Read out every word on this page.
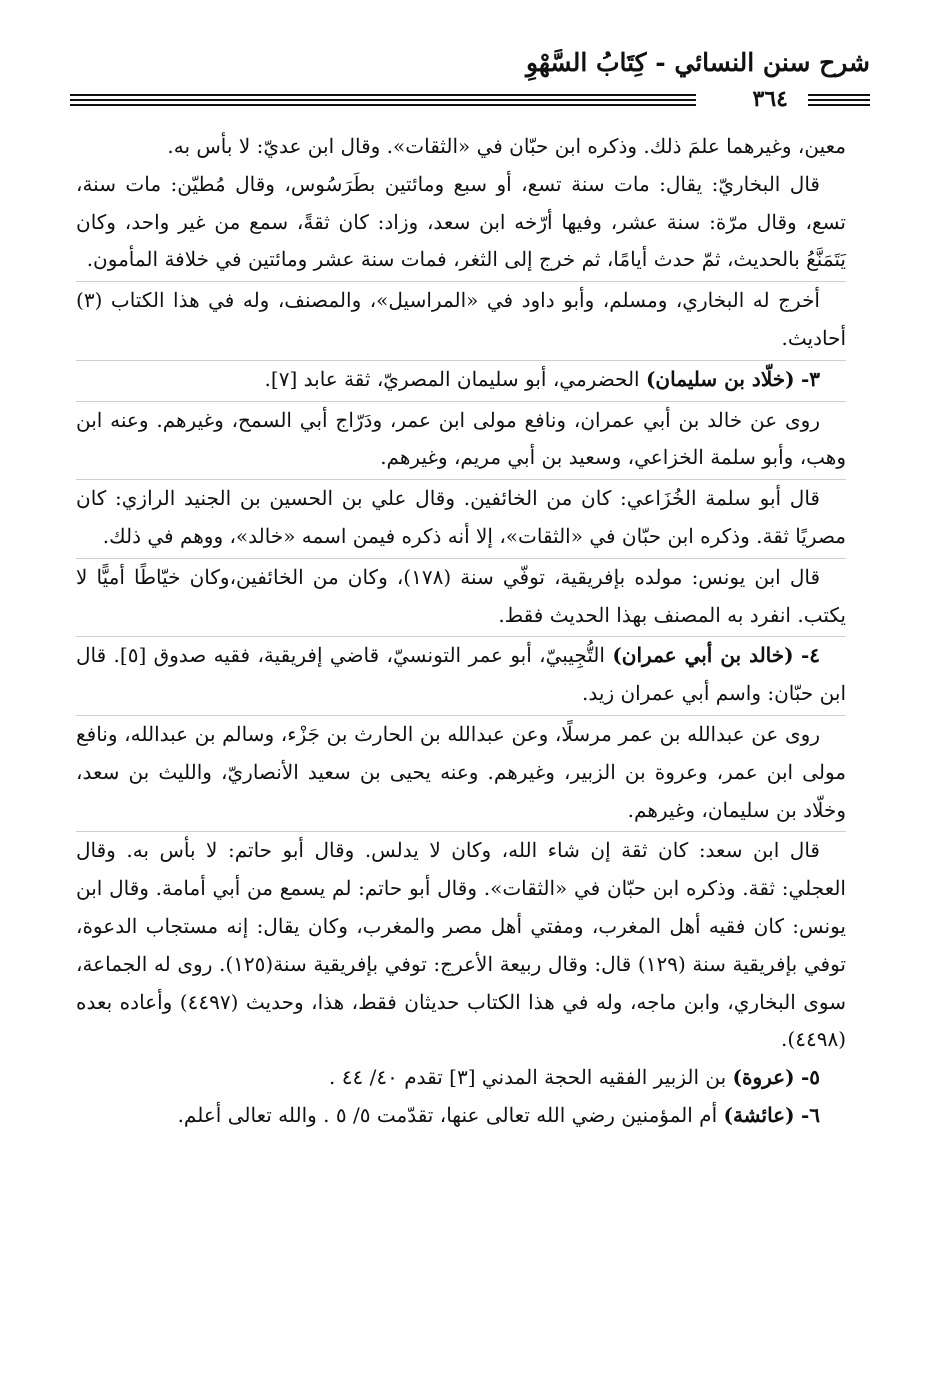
شرح سنن النسائي - كِتَابُ السَّهْوِ
٣٦٤

معين، وغيرهما علمَ ذلك. وذكره ابن حبّان في «الثقات». وقال ابن عديّ: لا بأس به.

قال البخاريّ: يقال: مات سنة تسع، أو سبع ومائتين بطَرَسُوس، وقال مُطيّن: مات سنة، تسع، وقال مرّة: سنة عشر، وفيها أرّخه ابن سعد، وزاد: كان ثقةً، سمع من غير واحد، وكان يَتَمَنَّعُ بالحديث، ثمّ حدث أيامًا، ثم خرج إلى الثغر، فمات سنة عشر ومائتين في خلافة المأمون.

أخرج له البخاري، ومسلم، وأبو داود في «المراسيل»، والمصنف، وله في هذا الكتاب (٣) أحاديث.

٣- (خلّاد بن سليمان) الحضرمي، أبو سليمان المصريّ، ثقة عابد [٧].

روى عن خالد بن أبي عمران، ونافع مولى ابن عمر، ودَرّاج أبي السمح، وغيرهم. وعنه ابن وهب، وأبو سلمة الخزاعي، وسعيد بن أبي مريم، وغيرهم.

قال أبو سلمة الخُزَاعي: كان من الخائفين. وقال علي بن الحسين بن الجنيد الرازي: كان مصريًا ثقة. وذكره ابن حبّان في «الثقات»، إلا أنه ذكره فيمن اسمه «خالد»، ووهم في ذلك.

قال ابن يونس: مولده بإفريقية، توفّي سنة (١٧٨)، وكان من الخائفين،وكان خيّاطًا أميًّا لا يكتب. انفرد به المصنف بهذا الحديث فقط.

٤- (خالد بن أبي عمران) التُّجِيبيّ، أبو عمر التونسيّ، قاضي إفريقية، فقيه صدوق [٥]. قال ابن حبّان: واسم أبي عمران زيد.

روى عن عبدالله بن عمر مرسلًا، وعن عبدالله بن الحارث بن جَزْء، وسالم بن عبدالله، ونافع مولى ابن عمر، وعروة بن الزبير، وغيرهم. وعنه يحيى بن سعيد الأنصاريّ، والليث بن سعد، وخلّاد بن سليمان، وغيرهم.

قال ابن سعد: كان ثقة إن شاء الله، وكان لا يدلس. وقال أبو حاتم: لا بأس به. وقال العجلي: ثقة. وذكره ابن حبّان في «الثقات». وقال أبو حاتم: لم يسمع من أبي أمامة. وقال ابن يونس: كان فقيه أهل المغرب، ومفتي أهل مصر والمغرب، وكان يقال: إنه مستجاب الدعوة، توفي بإفريقية سنة (١٢٩) قال: وقال ربيعة الأعرج: توفي بإفريقية سنة(١٢٥). روى له الجماعة، سوى البخاري، وابن ماجه، وله في هذا الكتاب حديثان فقط، هذا، وحديث (٤٤٩٧) وأعاده بعده (٤٤٩٨).

٥- (عروة) بن الزبير الفقيه الحجة المدني [٣] تقدم ٤٠/ ٤٤ .

٦- (عائشة) أم المؤمنين رضي الله تعالى عنها، تقدّمت ٥/ ٥ . والله تعالى أعلم.
